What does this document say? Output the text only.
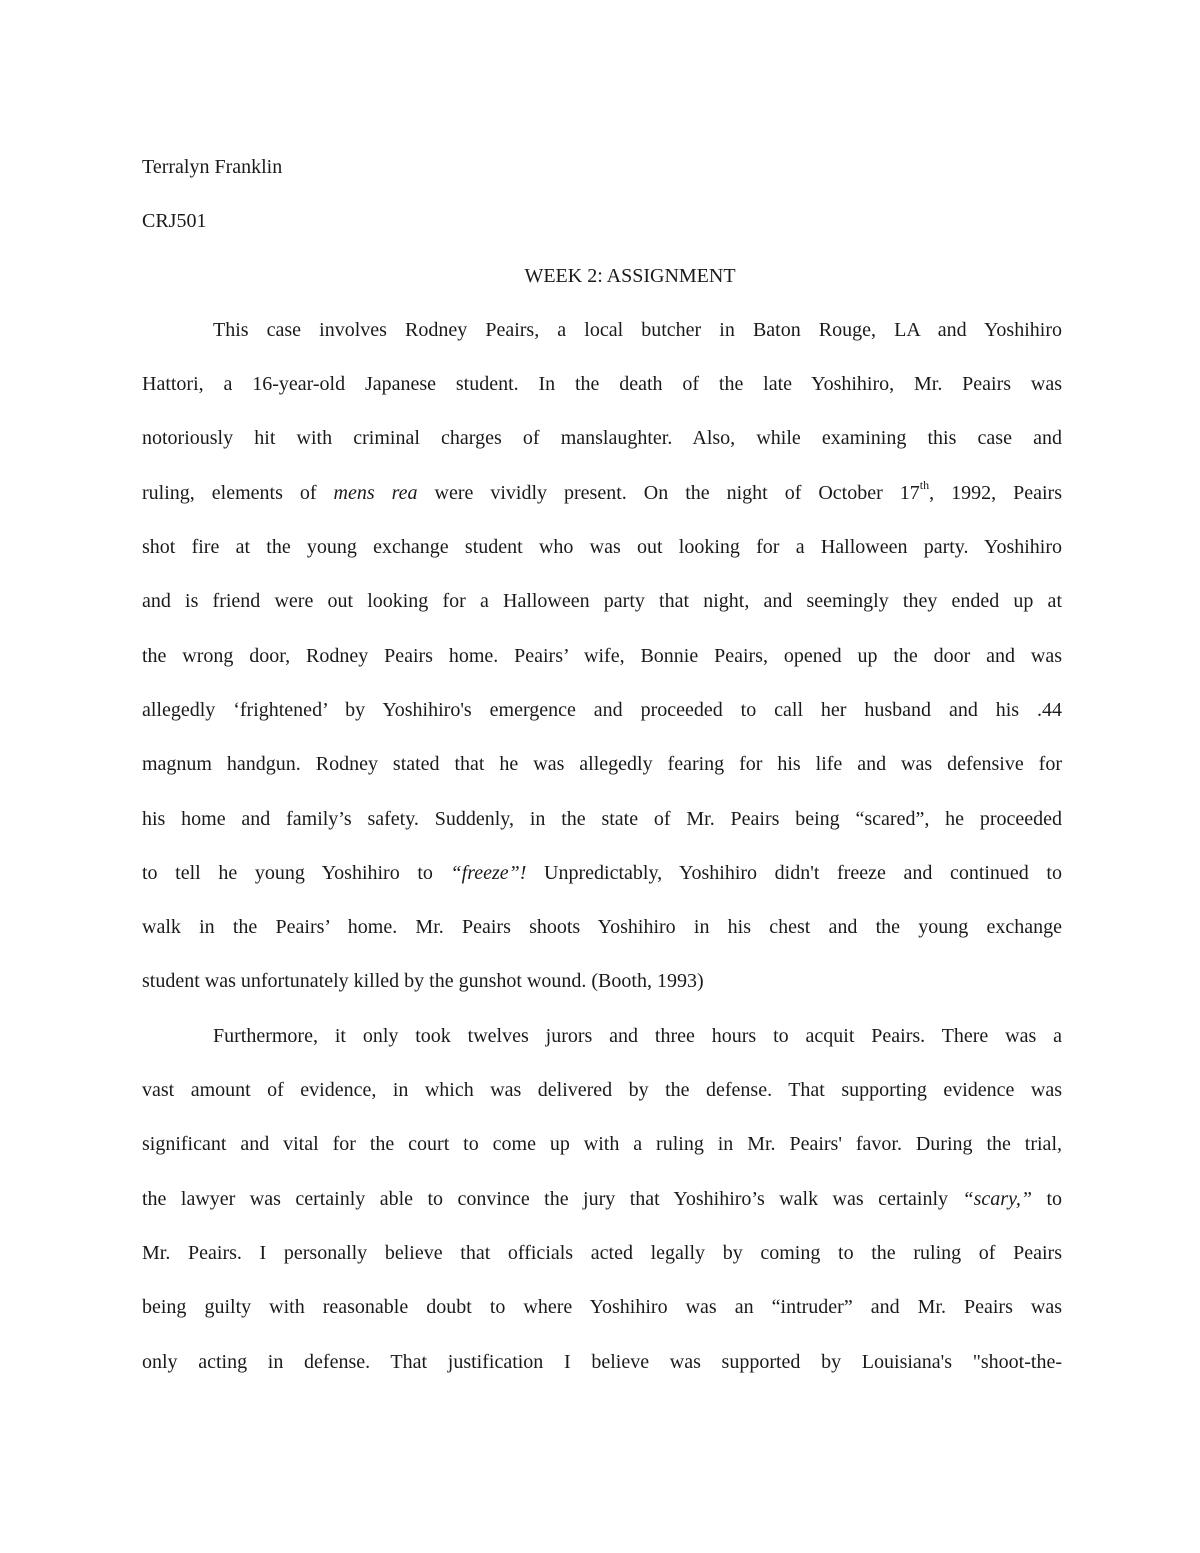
Terralyn Franklin
CRJ501
WEEK 2: ASSIGNMENT
This case involves Rodney Peairs, a local butcher in Baton Rouge, LA and Yoshihiro
Hattori, a 16-year-old Japanese student. In the death of the late Yoshihiro, Mr. Peairs was
notoriously hit with criminal charges of manslaughter. Also, while examining this case and
ruling, elements of mens rea were vividly present. On the night of October 17th, 1992, Peairs
shot fire at the young exchange student who was out looking for a Halloween party. Yoshihiro
and is friend were out looking for a Halloween party that night, and seemingly they ended up at
the wrong door, Rodney Peairs home. Peairs’ wife, Bonnie Peairs, opened up the door and was
allegedly ‘frightened’ by Yoshihiro's emergence and proceeded to call her husband and his .44
magnum handgun. Rodney stated that he was allegedly fearing for his life and was defensive for
his home and family’s safety. Suddenly, in the state of Mr. Peairs being “scared”, he proceeded
to tell he young Yoshihiro to “freeze”! Unpredictably, Yoshihiro didn't freeze and continued to
walk in the Peairs’ home. Mr. Peairs shoots Yoshihiro in his chest and the young exchange
student was unfortunately killed by the gunshot wound. (Booth, 1993)
Furthermore, it only took twelves jurors and three hours to acquit Peairs. There was a
vast amount of evidence, in which was delivered by the defense. That supporting evidence was
significant and vital for the court to come up with a ruling in Mr. Peairs' favor. During the trial,
the lawyer was certainly able to convince the jury that Yoshihiro’s walk was certainly “scary,” to
Mr. Peairs. I personally believe that officials acted legally by coming to the ruling of Peairs
being guilty with reasonable doubt to where Yoshihiro was an “intruder” and Mr. Peairs was
only acting in defense. That justification I believe was supported by Louisiana's "shoot-the-
